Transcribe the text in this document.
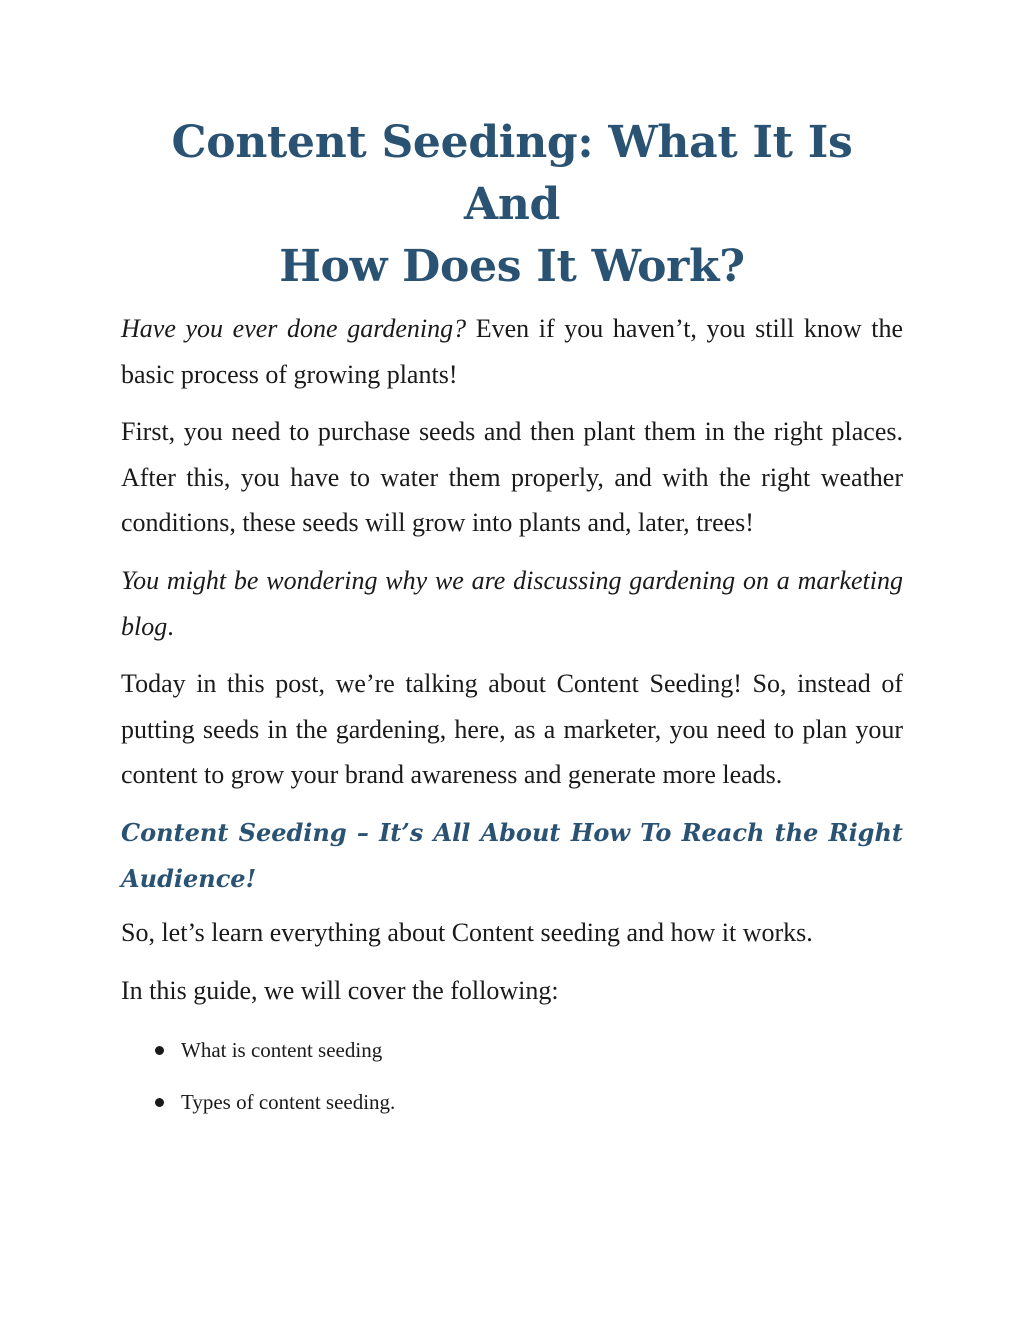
Content Seeding: What It Is And
How Does It Work?

Have you ever done gardening? Even if you haven’t, you still know the basic process of growing plants!

First, you need to purchase seeds and then plant them in the right places. After this, you have to water them properly, and with the right weather conditions, these seeds will grow into plants and, later, trees!

You might be wondering why we are discussing gardening on a marketing blog.

Today in this post, we’re talking about Content Seeding! So, instead of putting seeds in the gardening, here, as a marketer, you need to plan your content to grow your brand awareness and generate more leads.

Content Seeding – It’s All About How To Reach the Right Audience!

So, let’s learn everything about Content seeding and how it works.

In this guide, we will cover the following:

What is content seeding
Types of content seeding.
